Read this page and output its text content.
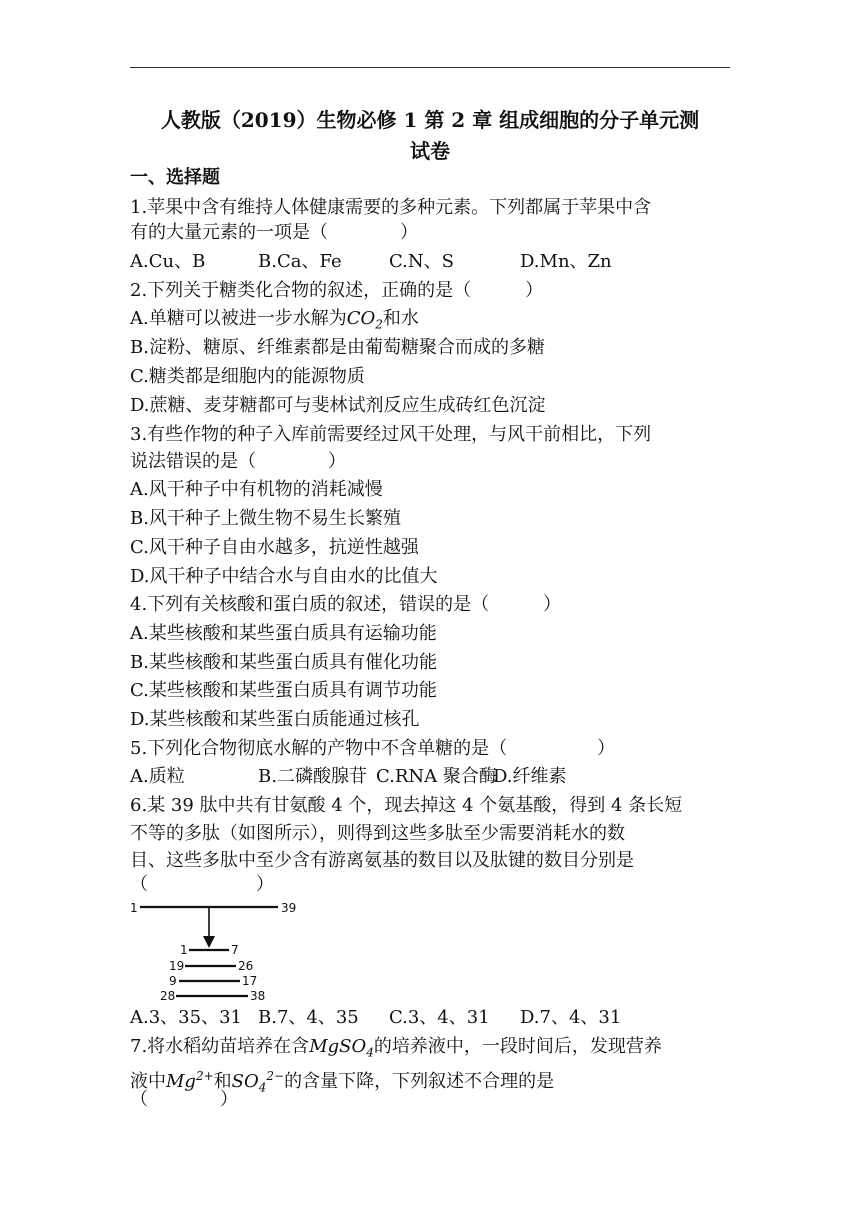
人教版（2019）生物必修 1 第 2 章 组成细胞的分子单元测
试卷
一、选择题
1.苹果中含有维持人体健康需要的多种元素。下列都属于苹果中含
有的大量元素的一项是（　　　　）
A.Cu、B	B.Ca、Fe	C.N、S	D.Mn、Zn
2.下列关于糖类化合物的叙述，正确的是（　　　）
A.单糖可以被进一步水解为$CO_2$和水
B.淀粉、糖原、纤维素都是由葡萄糖聚合而成的多糖
C.糖类都是细胞内的能源物质
D.蔗糖、麦芽糖都可与斐林试剂反应生成砖红色沉淀
3.有些作物的种子入库前需要经过风干处理，与风干前相比，下列
说法错误的是（　　　　）
A.风干种子中有机物的消耗减慢
B.风干种子上微生物不易生长繁殖
C.风干种子自由水越多，抗逆性越强
D.风干种子中结合水与自由水的比值大
4.下列有关核酸和蛋白质的叙述，错误的是（　　　）
A.某些核酸和某些蛋白质具有运输功能
B.某些核酸和某些蛋白质具有催化功能
C.某些核酸和某些蛋白质具有调节功能
D.某些核酸和某些蛋白质能通过核孔
5.下列化合物彻底水解的产物中不含单糖的是（　　　　　）
A.质粒	B.二磷酸腺苷 C.RNA 聚合酶D.纤维素
6.某 39 肽中共有甘氨酸 4 个，现去掉这 4 个氨基酸，得到 4 条长短
不等的多肽（如图所示），则得到这些多肽至少需要消耗水的数
目、这些多肽中至少含有游离氨基的数目以及肽键的数目分别是
（　　　　　　）
1	39
1	7
19	26
9	17
28	38
A.3、35、31 B.7、4、35 C.3、4、31 D.7、4、31
7.将水稻幼苗培养在含MgSO$_4$的培养液中，一段时间后，发现营养
液中$Mg^{2+}$和$SO_4^{2-}$的含量下降，下列叙述不合理的是
（　　　　）
